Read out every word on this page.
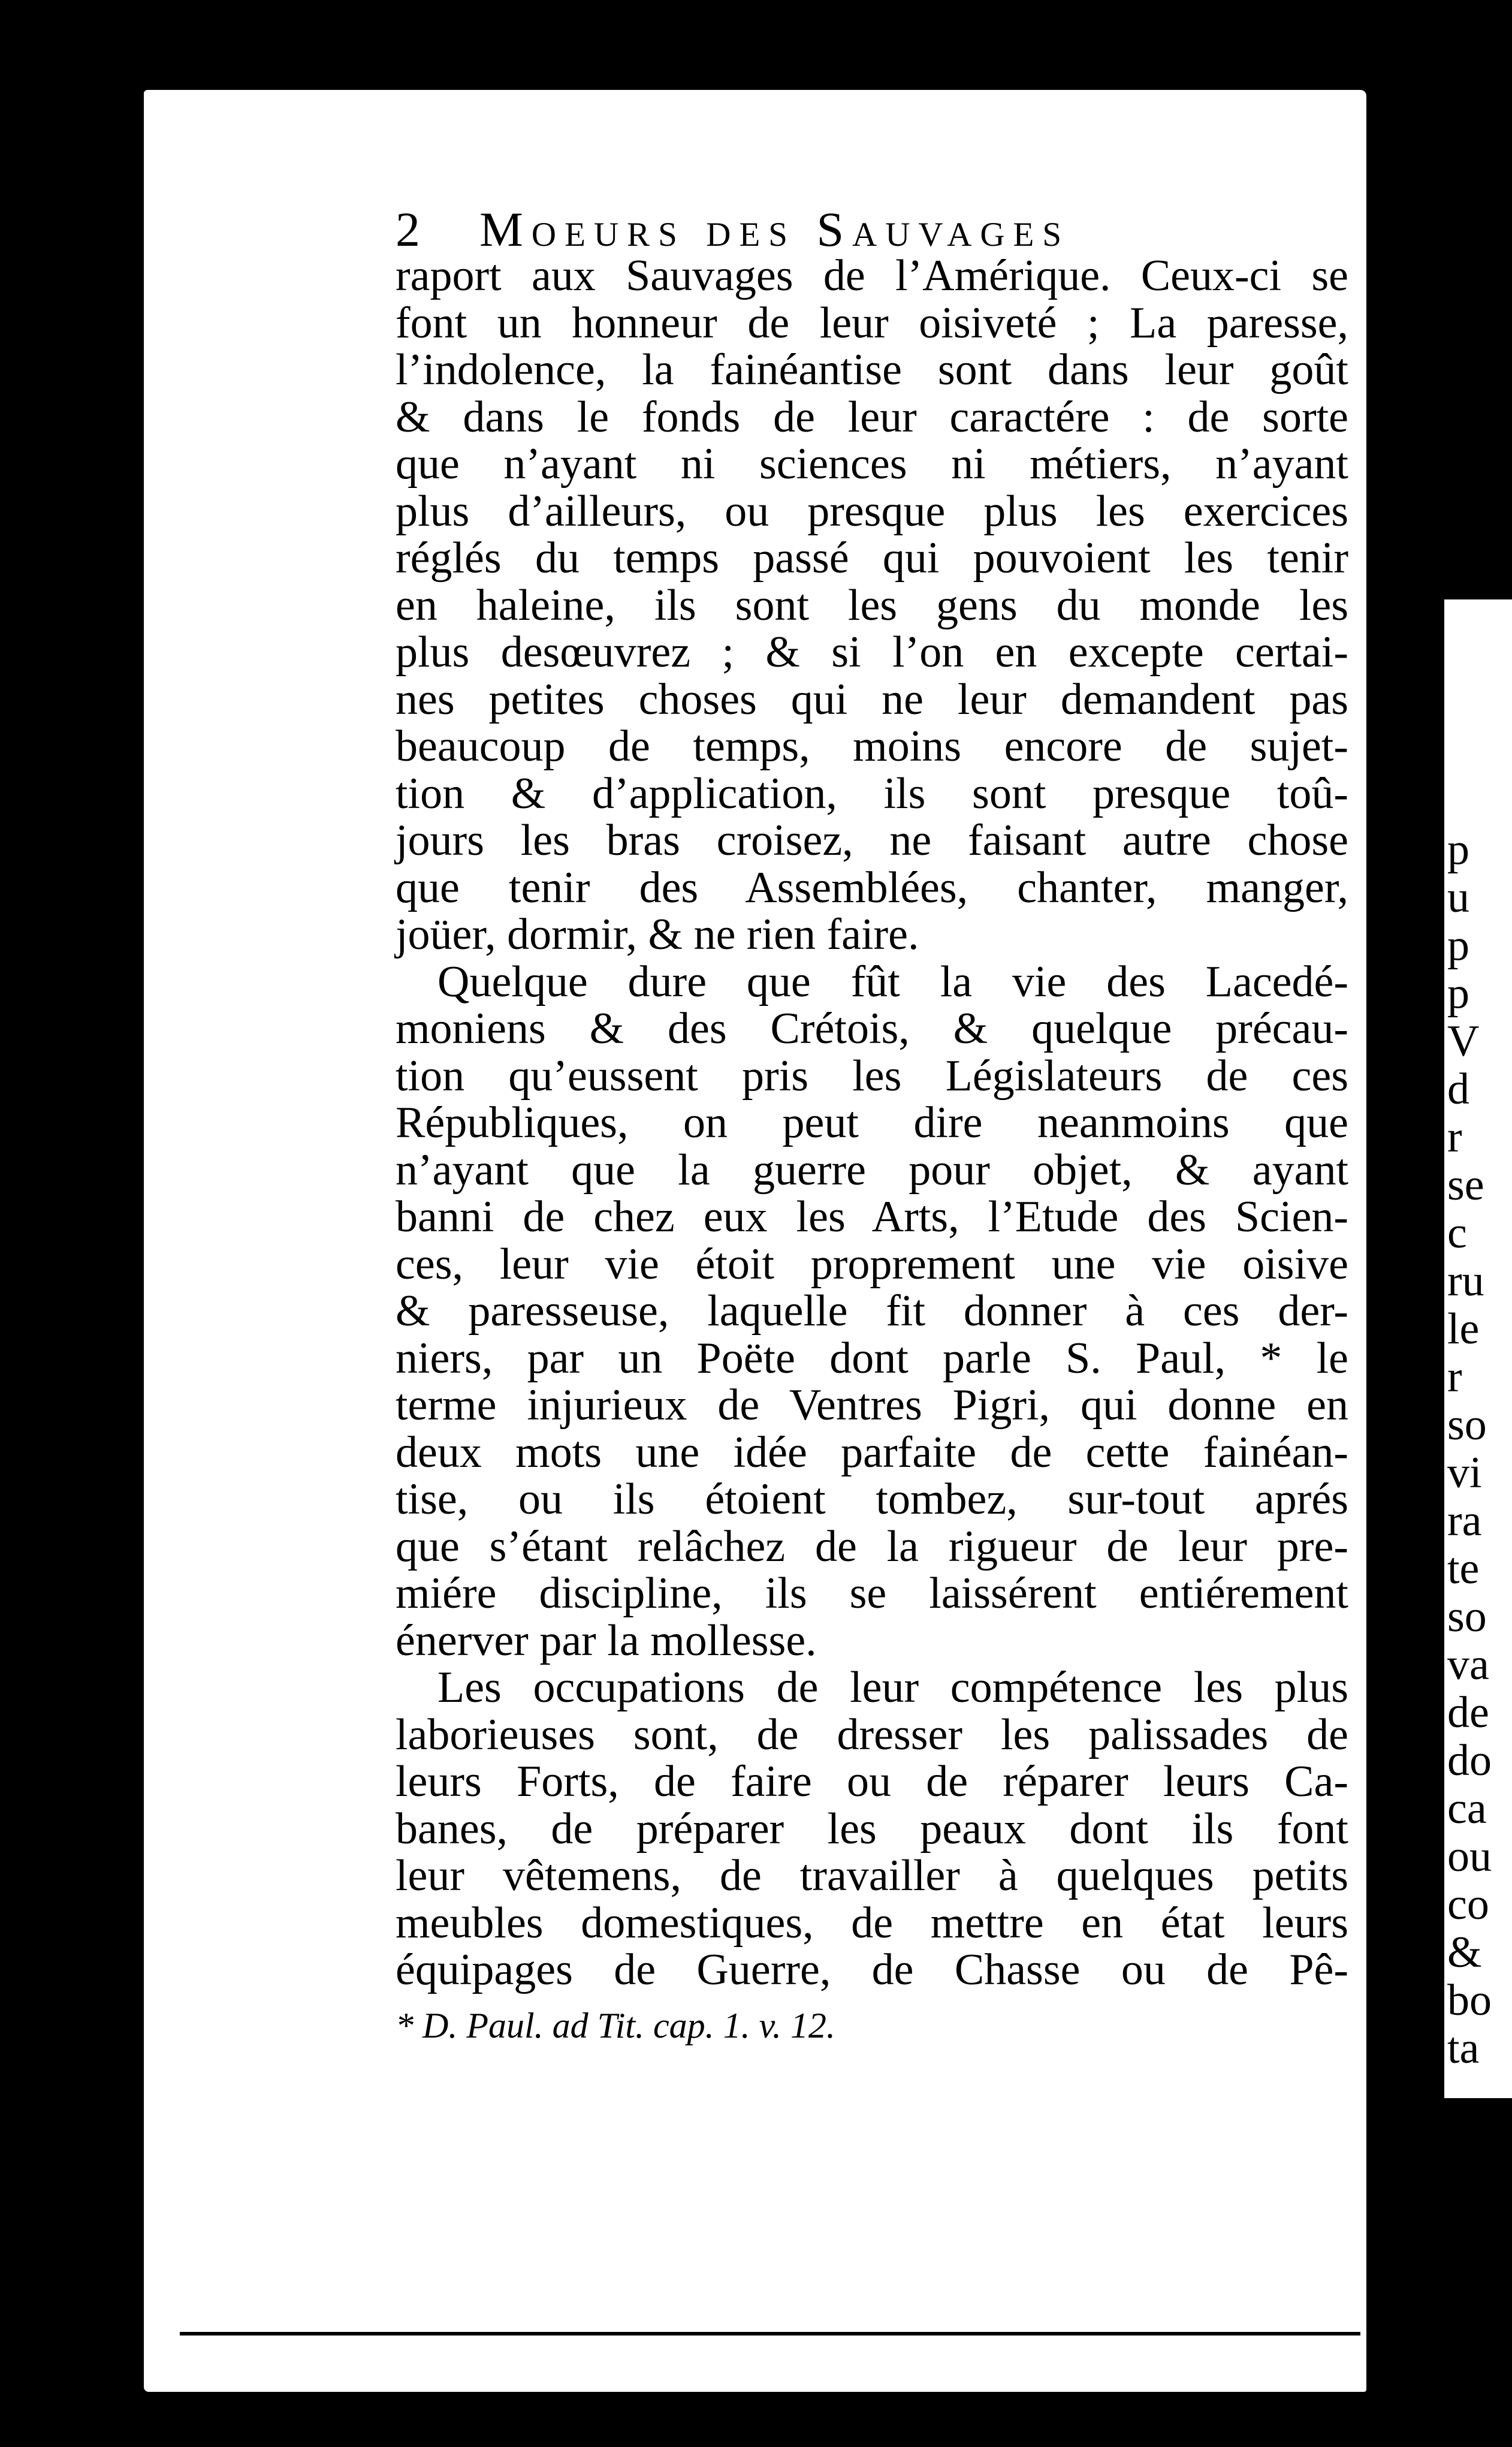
p
u
p
p
V
d
r
se
c
ru
le
r
so
vi
ra
te
so
va
de
do
ca
ou
co
&
bo
ta
2 Moeurs des Sauvages
raport aux Sauvages de l’Amérique. Ceux-ci se
font un honneur de leur oisiveté ; La paresse,
l’indolence, la fainéantise sont dans leur goût
& dans le fonds de leur caractére : de sorte
que n’ayant ni sciences ni métiers, n’ayant
plus d’ailleurs, ou presque plus les exercices
réglés du temps passé qui pouvoient les tenir
en haleine, ils sont les gens du monde les
plus desœuvrez ; & si l’on en excepte certai-
nes petites choses qui ne leur demandent pas
beaucoup de temps, moins encore de sujet-
tion & d’application, ils sont presque toû-
jours les bras croisez, ne faisant autre chose
que tenir des Assemblées, chanter, manger,
joüer, dormir, & ne rien faire.
Quelque dure que fût la vie des Lacedé-
moniens & des Crétois, & quelque précau-
tion qu’eussent pris les Législateurs de ces
Républiques, on peut dire neanmoins que
n’ayant que la guerre pour objet, & ayant
banni de chez eux les Arts, l’Etude des Scien-
ces, leur vie étoit proprement une vie oisive
& paresseuse, laquelle fit donner à ces der-
niers, par un Poëte dont parle S. Paul, * le
terme injurieux de Ventres Pigri, qui donne en
deux mots une idée parfaite de cette fainéan-
tise, ou ils étoient tombez, sur-tout aprés
que s’étant relâchez de la rigueur de leur pre-
miére discipline, ils se laissérent entiérement
énerver par la mollesse.
Les occupations de leur compétence les plus
laborieuses sont, de dresser les palissades de
leurs Forts, de faire ou de réparer leurs Ca-
banes, de préparer les peaux dont ils font
leur vêtemens, de travailler à quelques petits
meubles domestiques, de mettre en état leurs
équipages de Guerre, de Chasse ou de Pê-
* D. Paul. ad Tit. cap. 1. v. 12.
